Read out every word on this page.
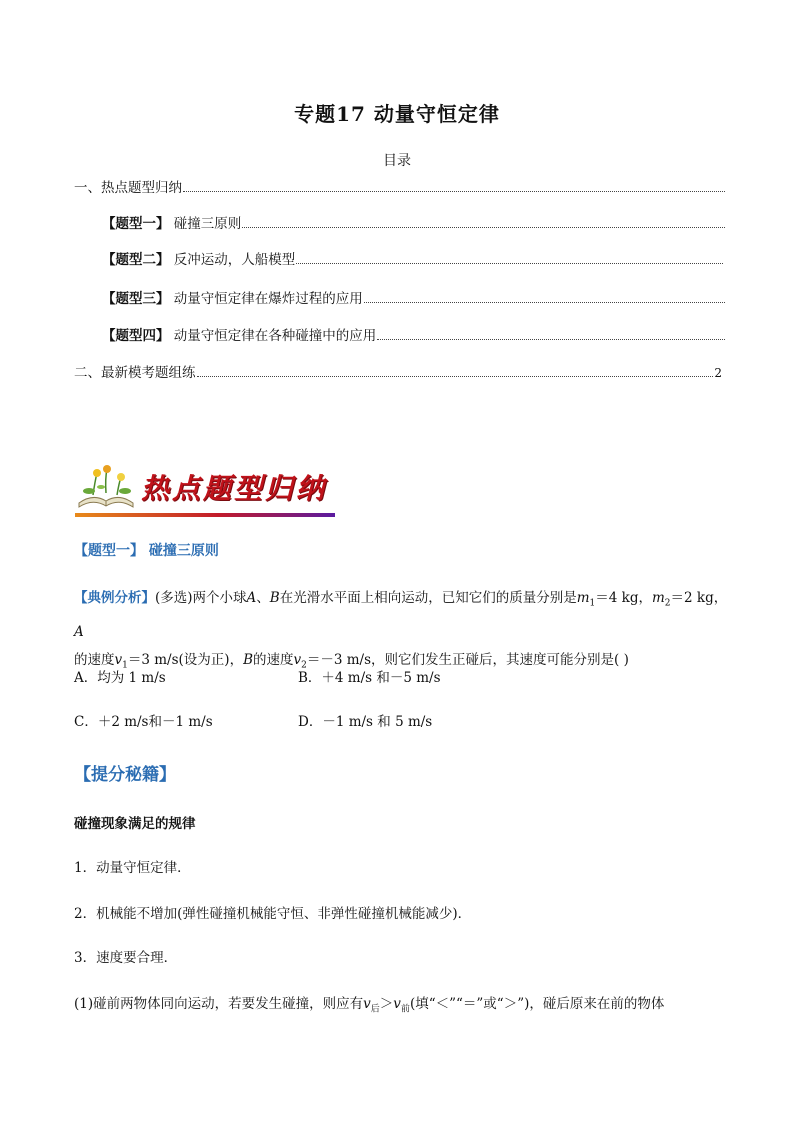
专题17 动量守恒定律
目录
一、热点题型归纳
【题型一】 碰撞三原则
【题型二】 反冲运动，人船模型
【题型三】 动量守恒定律在爆炸过程的应用
【题型四】 动量守恒定律在各种碰撞中的应用
二、最新模考题组练	2
热点题型归纳
【题型一】 碰撞三原则
【典例分析】(多选)两个小球A、B在光滑水平面上相向运动，已知它们的质量分别是$m_1=4$ kg，$m_2=2$ kg，A
的速度$v_1=3$ m/s(设为正)，B的速度$v_2=-3$ m/s，则它们发生正碰后，其速度可能分别是( )
A．均为 1 m/s	B．＋4 m/s 和－5 m/s
C．＋2 m/s和－1 m/s	D．－1 m/s 和 5 m/s
【提分秘籍】
碰撞现象满足的规律
1．动量守恒定律．
2．机械能不增加(弹性碰撞机械能守恒、非弹性碰撞机械能减少)．
3．速度要合理．
(1)碰前两物体同向运动，若要发生碰撞，则应有$v_后>v_前$(填“＜”“＝”或“＞”)，碰后原来在前的物体
